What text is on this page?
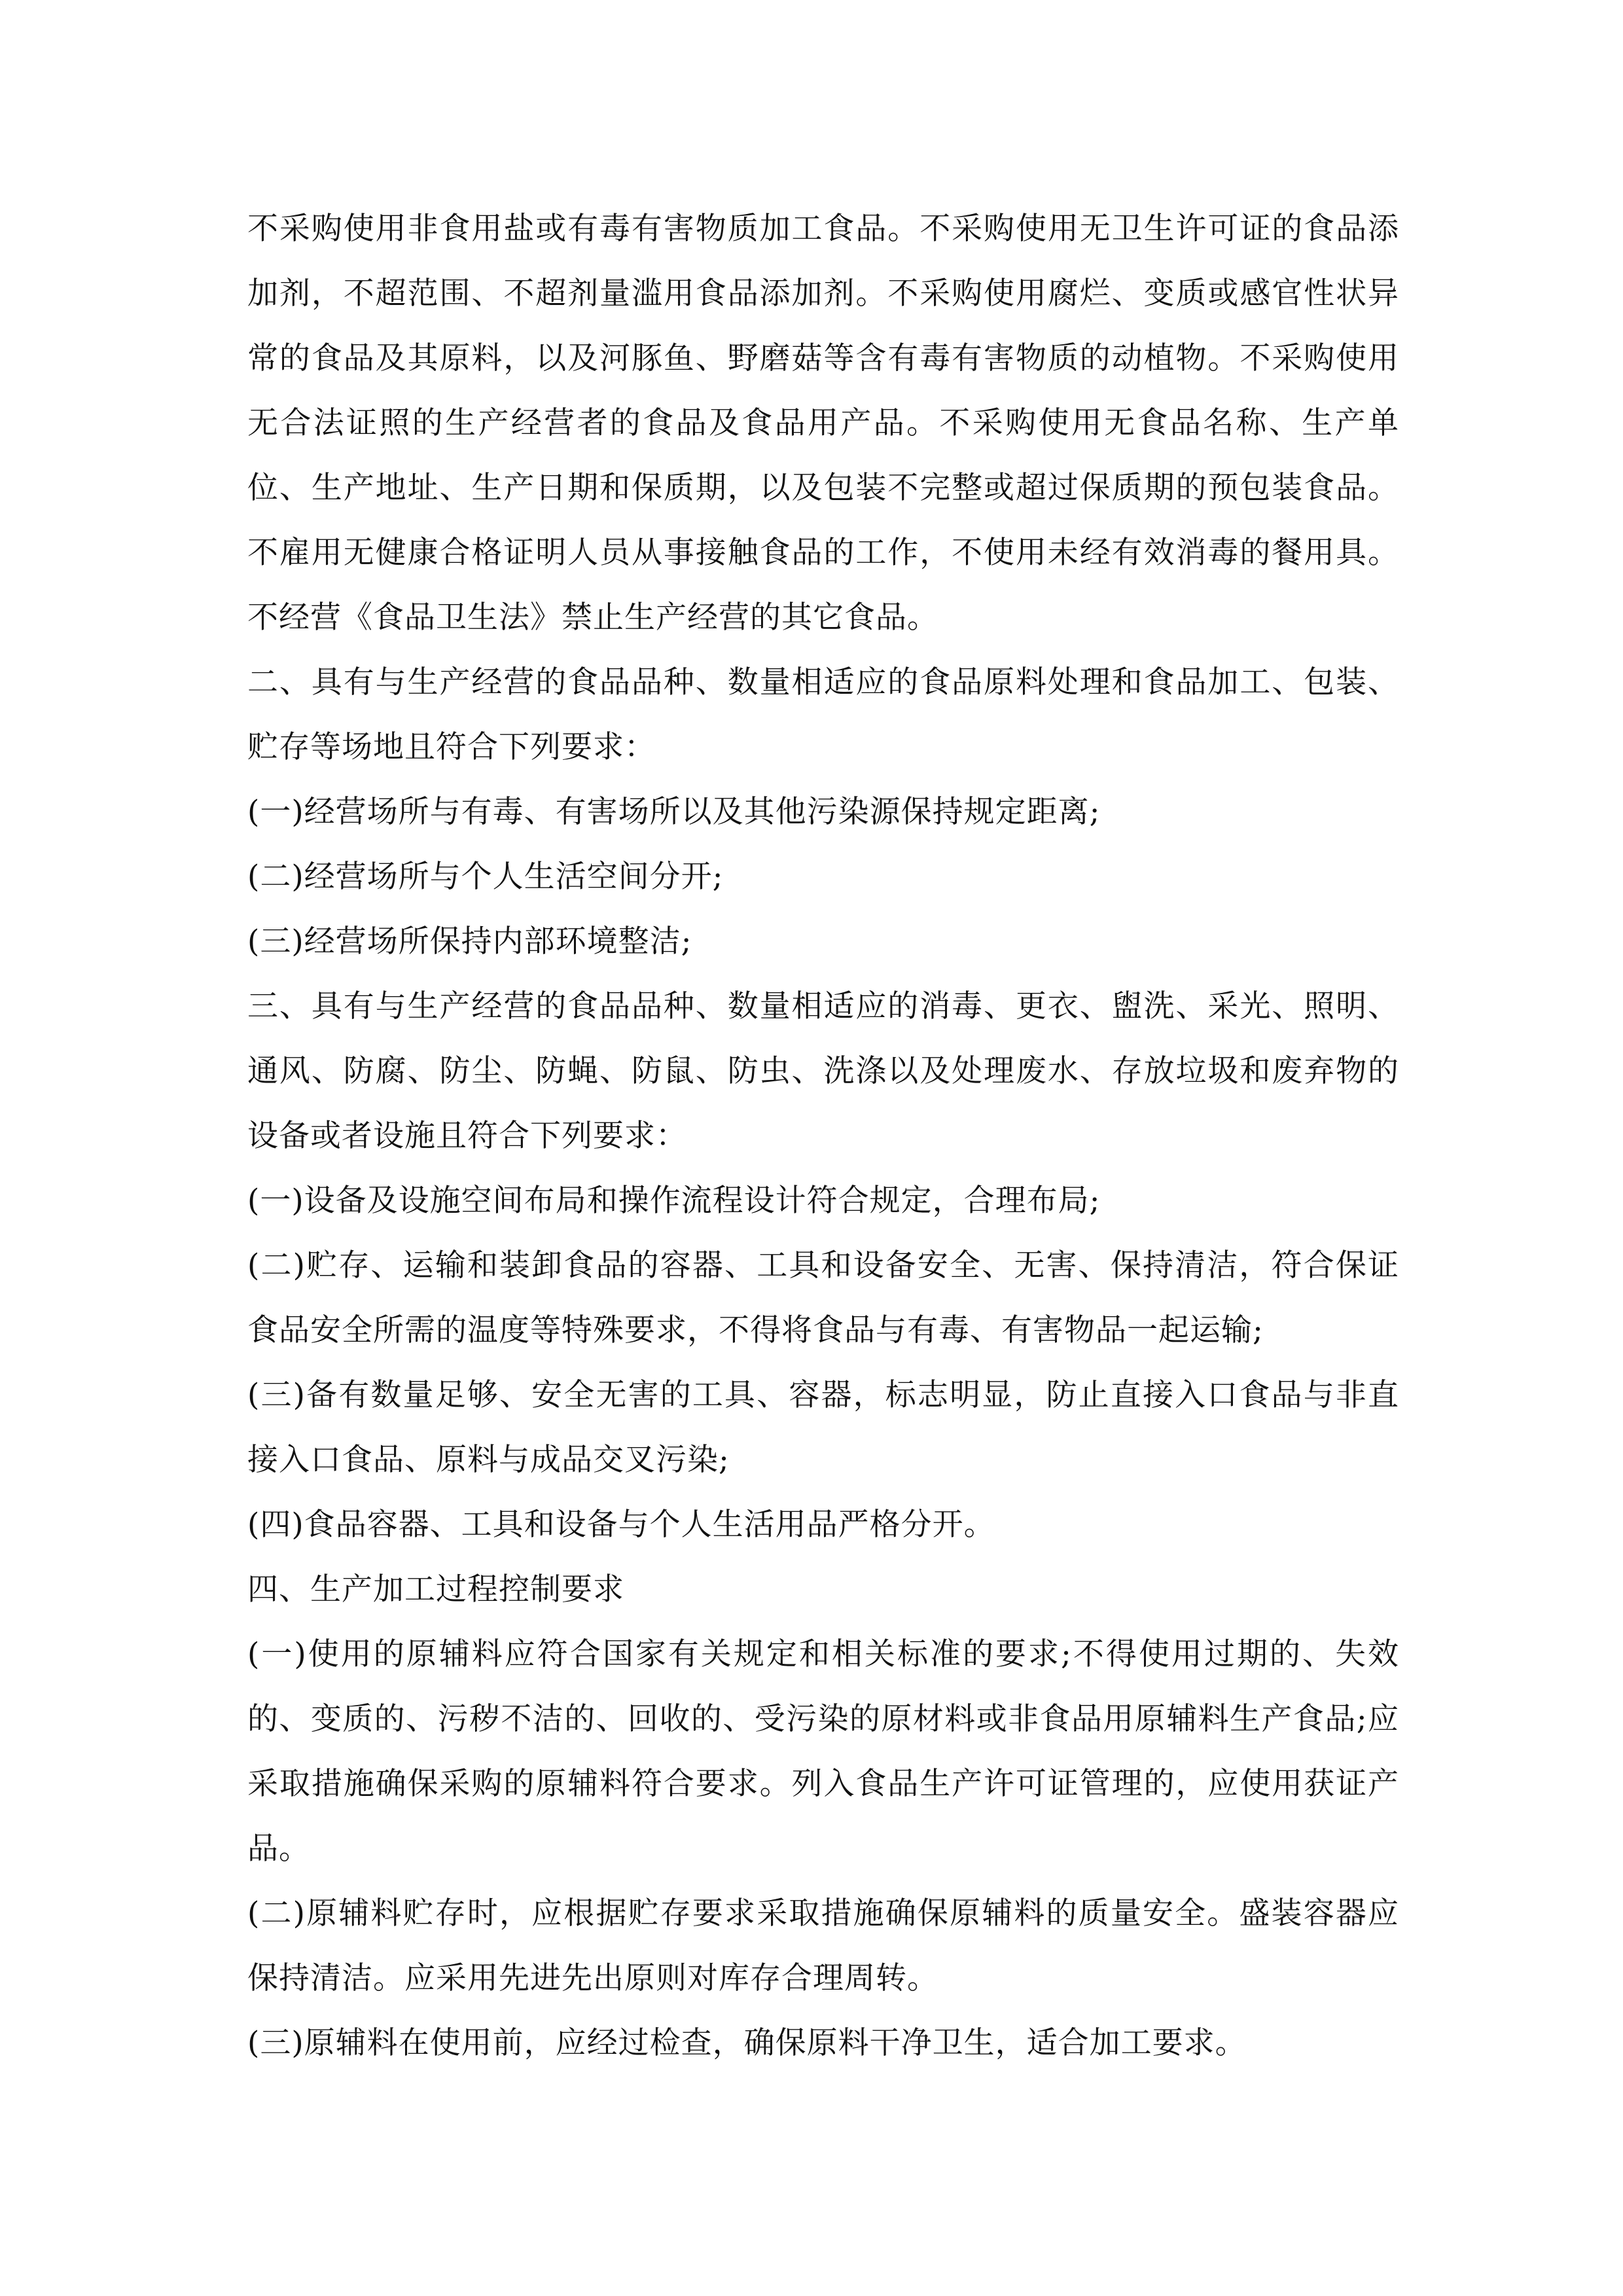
不采购使用非食用盐或有毒有害物质加工食品。不采购使用无卫生许可证的食品添加剂，不超范围、不超剂量滥用食品添加剂。不采购使用腐烂、变质或感官性状异常的食品及其原料，以及河豚鱼、野磨菇等含有毒有害物质的动植物。不采购使用无合法证照的生产经营者的食品及食品用产品。不采购使用无食品名称、生产单位、生产地址、生产日期和保质期，以及包装不完整或超过保质期的预包装食品。不雇用无健康合格证明人员从事接触食品的工作，不使用未经有效消毒的餐用具。不经营《食品卫生法》禁止生产经营的其它食品。

二、具有与生产经营的食品品种、数量相适应的食品原料处理和食品加工、包装、贮存等场地且符合下列要求：

(一)经营场所与有毒、有害场所以及其他污染源保持规定距离;

(二)经营场所与个人生活空间分开;

(三)经营场所保持内部环境整洁;

三、具有与生产经营的食品品种、数量相适应的消毒、更衣、盥洗、采光、照明、通风、防腐、防尘、防蝇、防鼠、防虫、洗涤以及处理废水、存放垃圾和废弃物的设备或者设施且符合下列要求：

(一)设备及设施空间布局和操作流程设计符合规定，合理布局;

(二)贮存、运输和装卸食品的容器、工具和设备安全、无害、保持清洁，符合保证食品安全所需的温度等特殊要求，不得将食品与有毒、有害物品一起运输;

(三)备有数量足够、安全无害的工具、容器，标志明显，防止直接入口食品与非直接入口食品、原料与成品交叉污染;

(四)食品容器、工具和设备与个人生活用品严格分开。

四、生产加工过程控制要求

(一)使用的原辅料应符合国家有关规定和相关标准的要求;不得使用过期的、失效的、变质的、污秽不洁的、回收的、受污染的原材料或非食品用原辅料生产食品;应采取措施确保采购的原辅料符合要求。列入食品生产许可证管理的，应使用获证产品。

(二)原辅料贮存时，应根据贮存要求采取措施确保原辅料的质量安全。盛装容器应保持清洁。应采用先进先出原则对库存合理周转。

(三)原辅料在使用前，应经过检查，确保原料干净卫生，适合加工要求。
